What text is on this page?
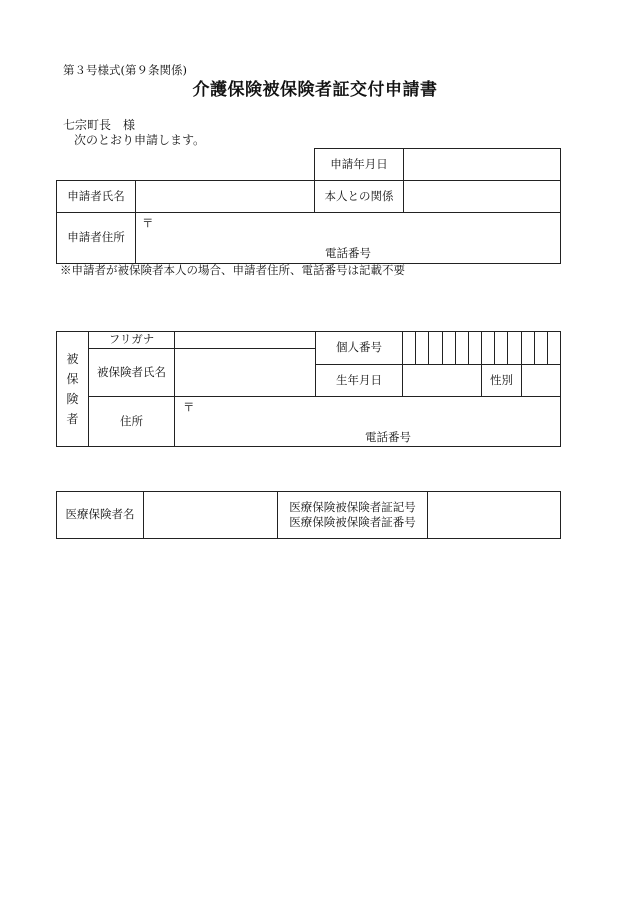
第３号様式(第９条関係)
介護保険被保険者証交付申請書
七宗町長　様
次のとおり申請します。
申請年月日
申請者氏名	本人との関係
申請者住所
〒
電話番号
※申請者が被保険者本人の場合、申請者住所、電話番号は記載不要
被
保
険
者
フリガナ
被保険者氏名
個人番号
生年月日	性別
住所
〒
電話番号
医療保険者名
医療保険被保険者証記号
医療保険被保険者証番号
